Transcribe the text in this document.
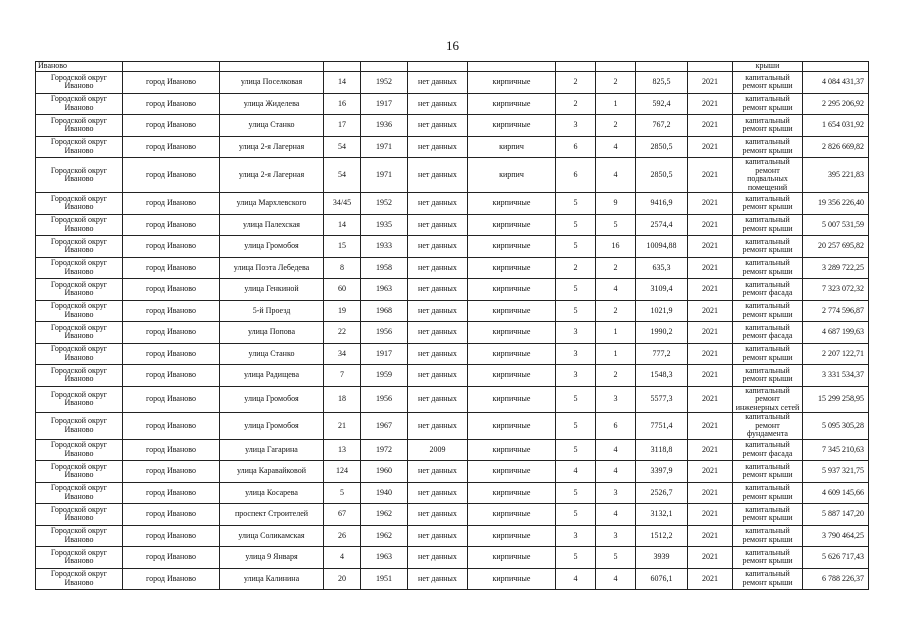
16
Иваново											крыши	
Городской округ Иваново	город Иваново	улица Поселковая	14	1952	нет данных	кирпичные	2	2	825,5	2021	капитальный ремонт крыши	4 084 431,37
Городской округ Иваново	город Иваново	улица Жиделева	16	1917	нет данных	кирпичные	2	1	592,4	2021	капитальный ремонт крыши	2 295 206,92
Городской округ Иваново	город Иваново	улица Станко	17	1936	нет данных	кирпичные	3	2	767,2	2021	капитальный ремонт крыши	1 654 031,92
Городской округ Иваново	город Иваново	улица 2-я Лагерная	54	1971	нет данных	кирпич	6	4	2850,5	2021	капитальный ремонт крыши	2 826 669,82
Городской округ Иваново	город Иваново	улица 2-я Лагерная	54	1971	нет данных	кирпич	6	4	2850,5	2021	капитальный ремонт подвальных помещений	395 221,83
Городской округ Иваново	город Иваново	улица Мархлевского	34/45	1952	нет данных	кирпичные	5	9	9416,9	2021	капитальный ремонт крыши	19 356 226,40
Городской округ Иваново	город Иваново	улица Палехская	14	1935	нет данных	кирпичные	5	5	2574,4	2021	капитальный ремонт крыши	5 007 531,59
Городской округ Иваново	город Иваново	улица Громобоя	15	1933	нет данных	кирпичные	5	16	10094,88	2021	капитальный ремонт крыши	20 257 695,82
Городской округ Иваново	город Иваново	улица Поэта Лебедева	8	1958	нет данных	кирпичные	2	2	635,3	2021	капитальный ремонт крыши	3 289 722,25
Городской округ Иваново	город Иваново	улица Генкиной	60	1963	нет данных	кирпичные	5	4	3109,4	2021	капитальный ремонт фасада	7 323 072,32
Городской округ Иваново	город Иваново	5-й Проезд	19	1968	нет данных	кирпичные	5	2	1021,9	2021	капитальный ремонт крыши	2 774 596,87
Городской округ Иваново	город Иваново	улица Попова	22	1956	нет данных	кирпичные	3	1	1990,2	2021	капитальный ремонт фасада	4 687 199,63
Городской округ Иваново	город Иваново	улица Станко	34	1917	нет данных	кирпичные	3	1	777,2	2021	капитальный ремонт крыши	2 207 122,71
Городской округ Иваново	город Иваново	улица Радищева	7	1959	нет данных	кирпичные	3	2	1548,3	2021	капитальный ремонт крыши	3 331 534,37
Городской округ Иваново	город Иваново	улица Громобоя	18	1956	нет данных	кирпичные	5	3	5577,3	2021	капитальный ремонт инженерных сетей	15 299 258,95
Городской округ Иваново	город Иваново	улица Громобоя	21	1967	нет данных	кирпичные	5	6	7751,4	2021	капитальный ремонт фундамента	5 095 305,28
Городской округ Иваново	город Иваново	улица Гагарина	13	1972	2009	кирпичные	5	4	3118,8	2021	капитальный ремонт фасада	7 345 210,63
Городской округ Иваново	город Иваново	улица Каравайковой	124	1960	нет данных	кирпичные	4	4	3397,9	2021	капитальный ремонт крыши	5 937 321,75
Городской округ Иваново	город Иваново	улица Косарева	5	1940	нет данных	кирпичные	5	3	2526,7	2021	капитальный ремонт крыши	4 609 145,66
Городской округ Иваново	город Иваново	проспект Строителей	67	1962	нет данных	кирпичные	5	4	3132,1	2021	капитальный ремонт крыши	5 887 147,20
Городской округ Иваново	город Иваново	улица Соликамская	26	1962	нет данных	кирпичные	3	3	1512,2	2021	капитальный ремонт крыши	3 790 464,25
Городской округ Иваново	город Иваново	улица 9 Января	4	1963	нет данных	кирпичные	5	5	3939	2021	капитальный ремонт крыши	5 626 717,43
Городской округ Иваново	город Иваново	улица Калинина	20	1951	нет данных	кирпичные	4	4	6076,1	2021	капитальный ремонт крыши	6 788 226,37
